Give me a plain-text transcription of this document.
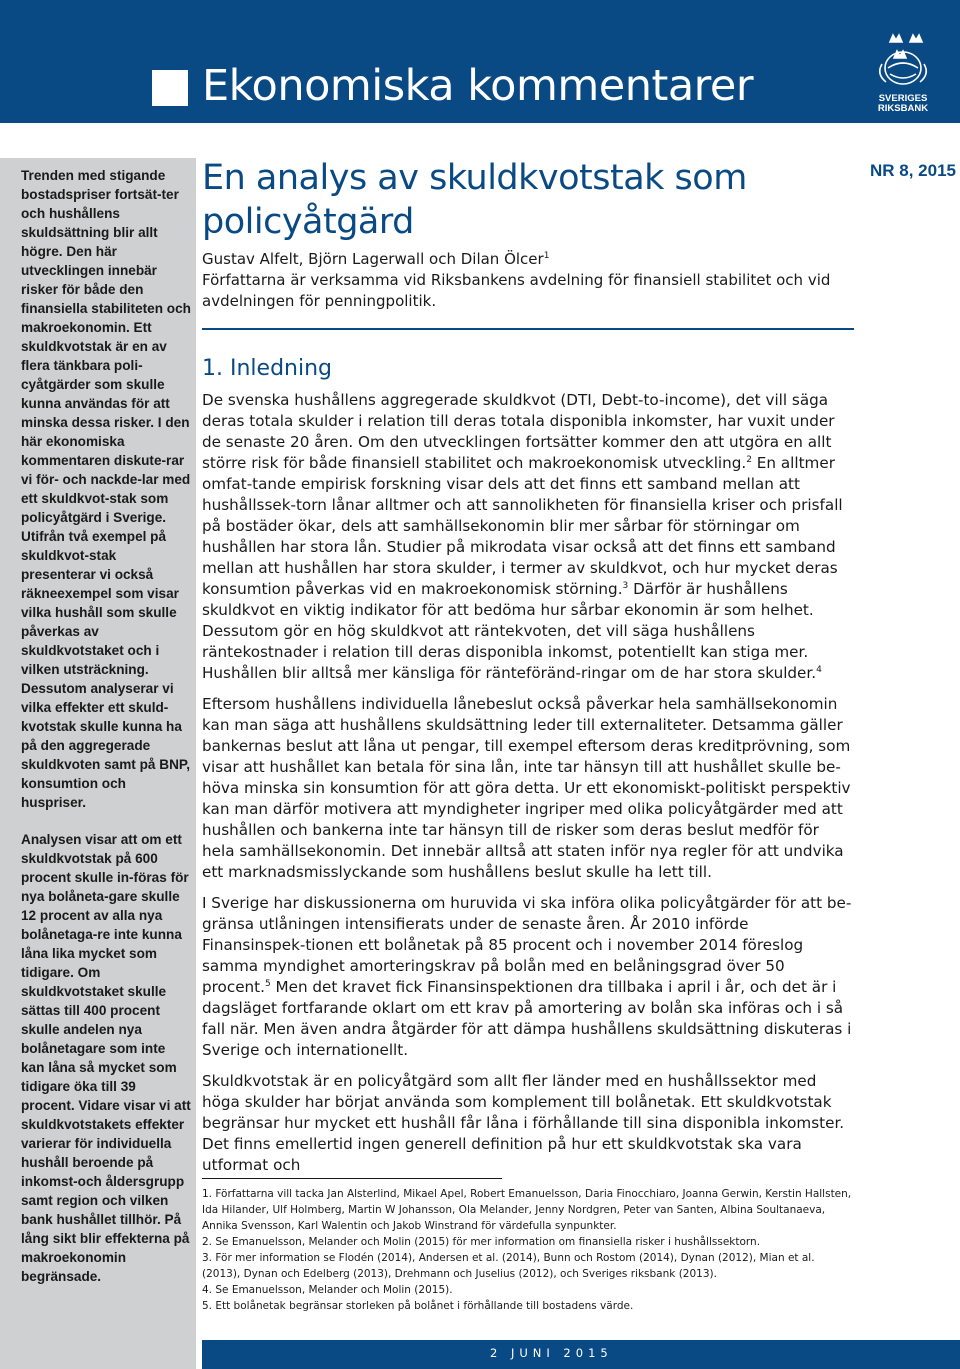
Ekonomiska kommentarer	SVERIGES
RIKSBANK

Trenden med stigande bostadspriser fortsät-ter och hushållens skuldsättning blir allt högre. Den här utvecklingen innebär risker för både den finansiella stabiliteten och makroekonomin. Ett skuldkvotstak är en av flera tänkbara poli-cyåtgärder som skulle kunna användas för att minska dessa risker. I den här ekonomiska kommentaren diskute-rar vi för- och nackde-lar med ett skuldkvot-stak som policyåtgärd i Sverige. Utifrån två exempel på skuldkvot-stak presenterar vi också räkneexempel som visar vilka hushåll som skulle påverkas av skuldkvotstaket och i vilken utsträckning. Dessutom analyserar vi vilka effekter ett skuld-kvotstak skulle kunna ha på den aggregerade skuldkvoten samt på BNP, konsumtion och huspriser.

Analysen visar att om ett skuldkvotstak på 600 procent skulle in-föras för nya bolåneta-gare skulle 12 procent av alla nya bolånetaga-re inte kunna låna lika mycket som tidigare. Om skuldkvotstaket skulle sättas till 400 procent skulle andelen nya bolånetagare som inte kan låna så mycket som tidigare öka till 39 procent. Vidare visar vi att skuldkvotstakets effekter varierar för individuella hushåll beroende på inkomst-och åldersgrupp samt region och vilken bank hushållet tillhör. På lång sikt blir effekterna på makroekonomin begränsade.

NR 8, 2015
En analys av skuldkvotstak som policyåtgärd
Gustav Alfelt, Björn Lagerwall och Dilan Ölcer$^1$
Författarna är verksamma vid Riksbankens avdelning för finansiell stabilitet och vid avdelningen för penningpolitik.
1. Inledning

De svenska hushållens aggregerade skuldkvot (DTI, Debt-to-income), det vill säga deras totala skulder i relation till deras totala disponibla inkomster, har vuxit under de senaste 20 åren. Om den utvecklingen fortsätter kommer den att utgöra en allt större risk för både finansiell stabilitet och makroekonomisk utveckling.$^2$ En alltmer omfat-tande empirisk forskning visar dels att det finns ett samband mellan att hushållssek-torn lånar alltmer och att sannolikheten för finansiella kriser och prisfall på bostäder ökar, dels att samhällsekonomin blir mer sårbar för störningar om hushållen har stora lån. Studier på mikrodata visar också att det finns ett samband mellan att hushållen har stora skulder, i termer av skuldkvot, och hur mycket deras konsumtion påverkas vid en makroekonomisk störning.$^3$ Därför är hushållens skuldkvot en viktig indikator för att bedöma hur sårbar ekonomin är som helhet. Dessutom gör en hög skuldkvot att räntekvoten, det vill säga hushållens räntekostnader i relation till deras disponibla inkomst, potentiellt kan stiga mer. Hushållen blir alltså mer känsliga för ränteföränd-ringar om de har stora skulder.$^4$

Eftersom hushållens individuella lånebeslut också påverkar hela samhällsekonomin kan man säga att hushållens skuldsättning leder till externaliteter. Detsamma gäller bankernas beslut att låna ut pengar, till exempel eftersom deras kreditprövning, som visar att hushållet kan betala för sina lån, inte tar hänsyn till att hushållet skulle be-höva minska sin konsumtion för att göra detta. Ur ett ekonomiskt-politiskt perspektiv kan man därför motivera att myndigheter ingriper med olika policyåtgärder med att hushållen och bankerna inte tar hänsyn till de risker som deras beslut medför för hela samhällsekonomin. Det innebär alltså att staten inför nya regler för att undvika ett marknadsmisslyckande som hushållens beslut skulle ha lett till.

I Sverige har diskussionerna om huruvida vi ska införa olika policyåtgärder för att be-gränsa utlåningen intensifierats under de senaste åren. År 2010 införde Finansinspek-tionen ett bolånetak på 85 procent och i november 2014 föreslog samma myndighet amorteringskrav på bolån med en belåningsgrad över 50 procent.$^5$ Men det kravet fick Finansinspektionen dra tillbaka i april i år, och det är i dagsläget fortfarande oklart om ett krav på amortering av bolån ska införas och i så fall när. Men även andra åtgärder för att dämpa hushållens skuldsättning diskuteras i Sverige och internationellt.

Skuldkvotstak är en policyåtgärd som allt fler länder med en hushållssektor med höga skulder har börjat använda som komplement till bolånetak. Ett skuldkvotstak begränsar hur mycket ett hushåll får låna i förhållande till sina disponibla inkomster. Det finns emellertid ingen generell definition på hur ett skuldkvotstak ska vara utformat och

1. Författarna vill tacka Jan Alsterlind, Mikael Apel, Robert Emanuelsson, Daria Finocchiaro, Joanna Gerwin, Kerstin Hallsten, Ida Hilander, Ulf Holmberg, Martin W Johansson, Ola Melander, Jenny Nordgren, Peter van Santen, Albina Soultanaeva, Annika Svensson, Karl Walentin och Jakob Winstrand för värdefulla synpunkter.
2. Se Emanuelsson, Melander och Molin (2015) för mer information om finansiella risker i hushållssektorn.
3. För mer information se Flodén (2014), Andersen et al. (2014), Bunn och Rostom (2014), Dynan (2012), Mian et al. (2013), Dynan och Edelberg (2013), Drehmann och Juselius (2012), och Sveriges riksbank (2013).
4. Se Emanuelsson, Melander och Molin (2015).
5. Ett bolånetak begränsar storleken på bolånet i förhållande till bostadens värde.
2 JUNI 2015
